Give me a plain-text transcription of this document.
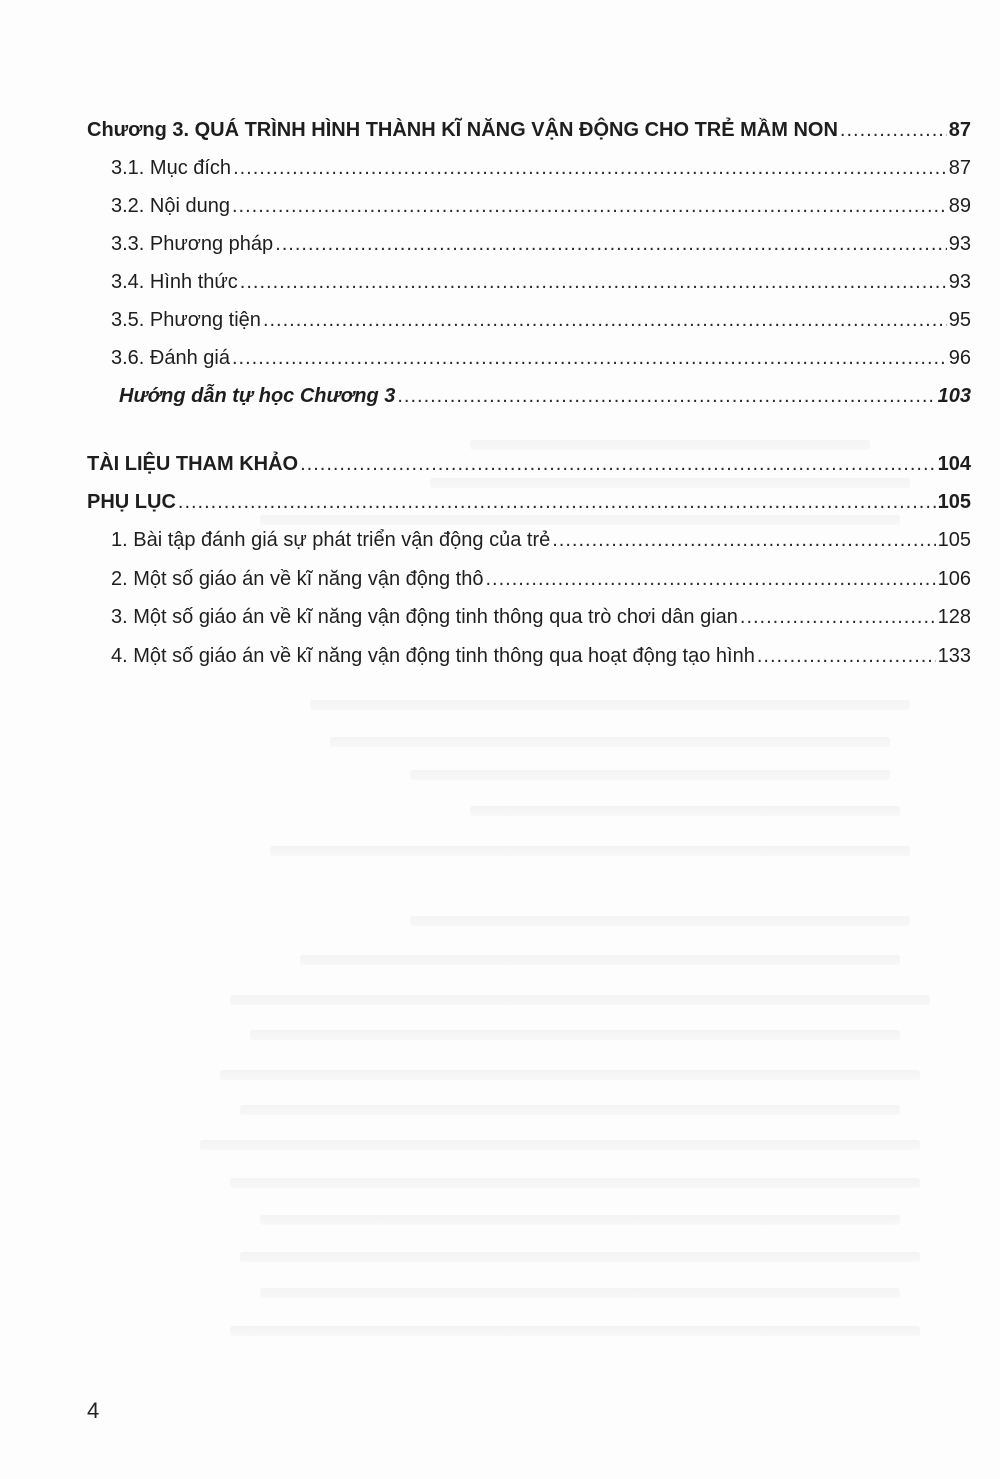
Chương 3. QUÁ TRÌNH HÌNH THÀNH KĨ NĂNG VẬN ĐỘNG CHO TRẺ MẦM NON .....	87
3.1. Mục đích .....	87
3.2. Nội dung .....	89
3.3. Phương pháp .....	93
3.4. Hình thức .....	93
3.5. Phương tiện .....	95
3.6. Đánh giá .....	96
Hướng dẫn tự học Chương 3 .....	103
TÀI LIỆU THAM KHẢO .....	104
PHỤ LỤC .....	105
1. Bài tập đánh giá sự phát triển vận động của trẻ .....	105
2. Một số giáo án về kĩ năng vận động thô .....	106
3. Một số giáo án về kĩ năng vận động tinh thông qua trò chơi dân gian .....	128
4. Một số giáo án về kĩ năng vận động tinh thông qua hoạt động tạo hình .....	133
4
